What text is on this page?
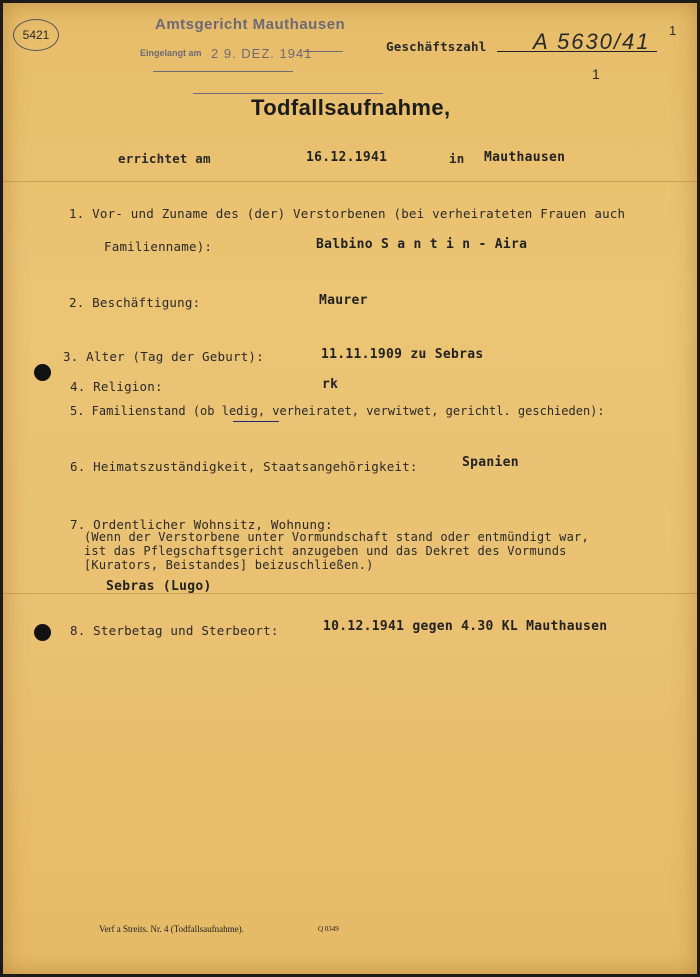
5421
Amtsgericht Mauthausen
Eingelangt am 2 9. DEZ. 1941	Geschäftszahl A 5630/41
1
1
Todfallsaufnahme,
errichtet am	16.12.1941	in Mauthausen
1. Vor- und Zuname des (der) Verstorbenen (bei verheirateten Frauen auch
Familienname):	Balbino S a n t i n - Aira
2. Beschäftigung:	Maurer
3. Alter (Tag der Geburt):	11.11.1909 zu Sebras
4. Religion:	rk
5. Familienstand (ob ledig, verheiratet, verwitwet, gerichtl. geschieden):
6. Heimatszuständigkeit, Staatsangehörigkeit:	Spanien
7. Ordentlicher Wohnsitz, Wohnung:
(Wenn der Verstorbene unter Vormundschaft stand oder entmündigt war,
ist das Pflegschaftsgericht anzugeben und das Dekret des Vormunds
[Kurators, Beistandes] beizuschließen.)
Sebras (Lugo)
8. Sterbetag und Sterbeort:	10.12.1941 gegen 4.30 KL Mauthausen
Verf a Streits. Nr. 4 (Todfallsaufnahme).	Q 0349
